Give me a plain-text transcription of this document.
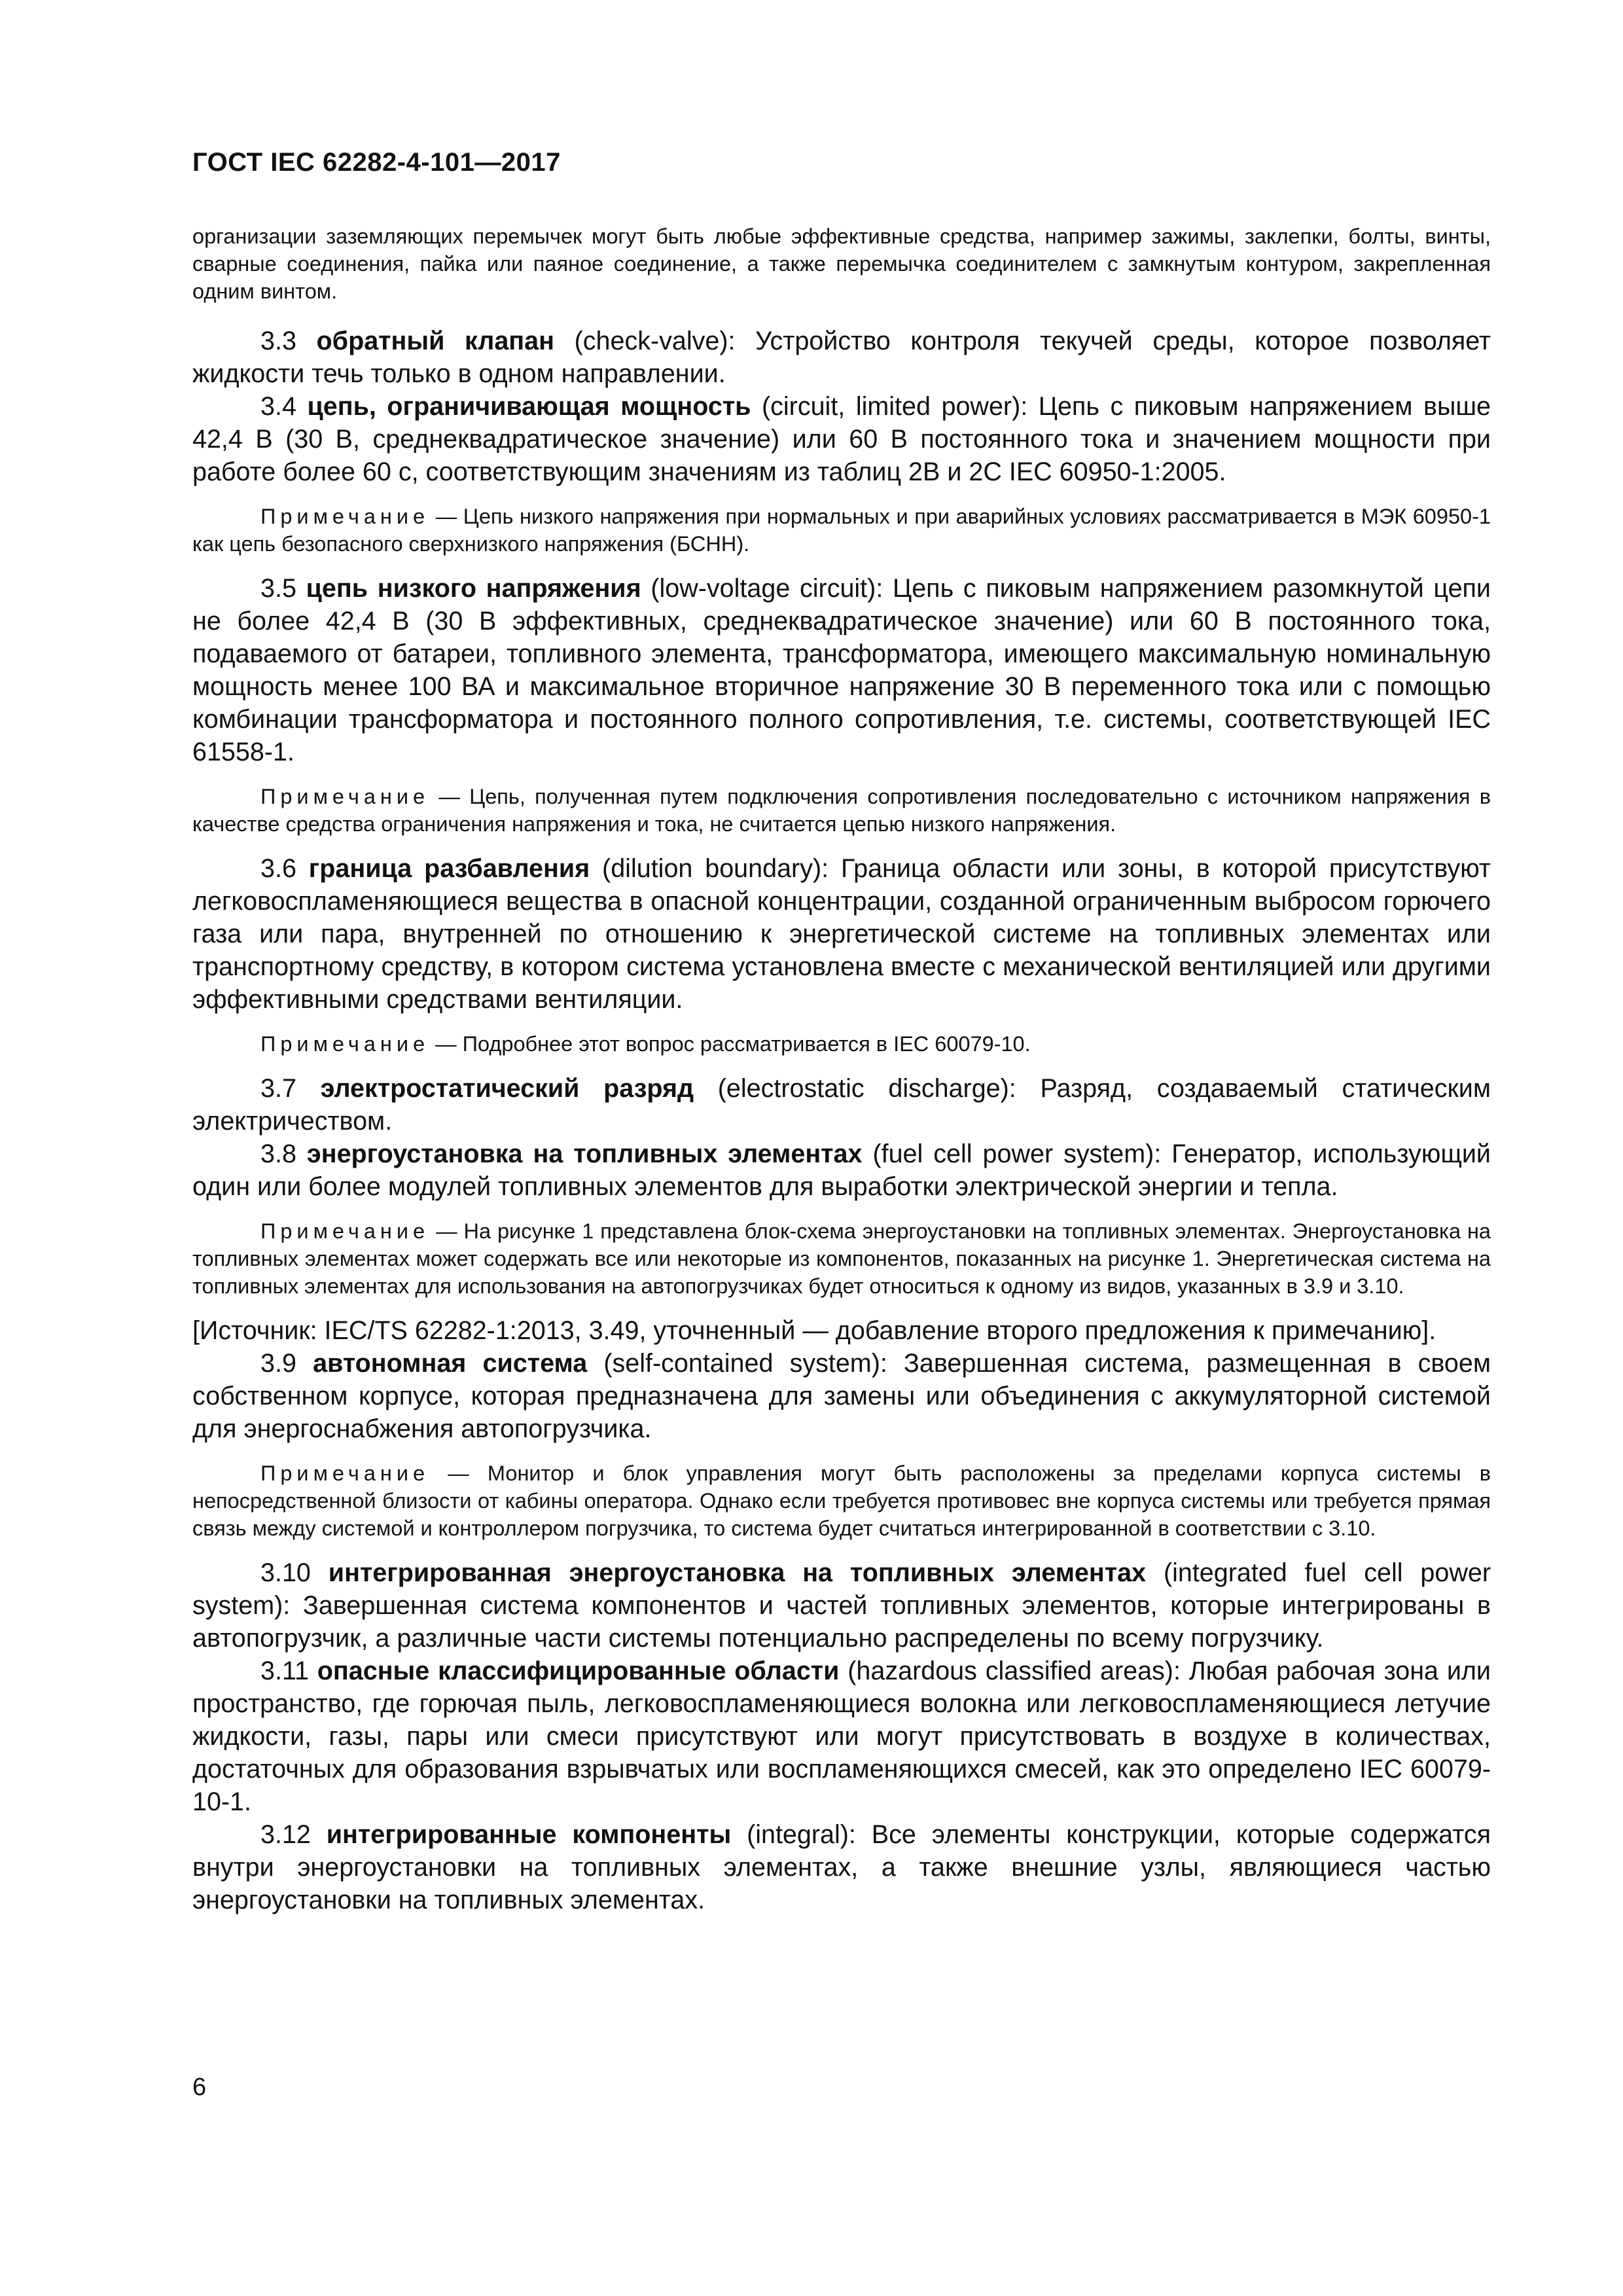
ГОСТ IEC 62282-4-101—2017

организации заземляющих перемычек могут быть любые эффективные средства, например зажимы, заклепки, болты, винты, сварные соединения, пайка или паяное соединение, а также перемычка соединителем с замкнутым контуром, закрепленная одним винтом.

3.3 обратный клапан (check-valve): Устройство контроля текучей среды, которое позволяет жидкости течь только в одном направлении.

3.4 цепь, ограничивающая мощность (circuit, limited power): Цепь с пиковым напряжением выше 42,4 В (30 В, среднеквадратическое значение) или 60 В постоянного тока и значением мощности при работе более 60 с, соответствующим значениям из таблиц 2B и 2C IEC 60950-1:2005.

Примечание — Цепь низкого напряжения при нормальных и при аварийных условиях рассматривается в МЭК 60950-1 как цепь безопасного сверхнизкого напряжения (БСНН).

3.5 цепь низкого напряжения (low-voltage circuit): Цепь с пиковым напряжением разомкнутой цепи не более 42,4 В (30 В эффективных, среднеквадратическое значение) или 60 В постоянного тока, подаваемого от батареи, топливного элемента, трансформатора, имеющего максимальную номинальную мощность менее 100 ВА и максимальное вторичное напряжение 30 В переменного тока или с помощью комбинации трансформатора и постоянного полного сопротивления, т.е. системы, соответствующей IEC 61558-1.

Примечание — Цепь, полученная путем подключения сопротивления последовательно с источником напряжения в качестве средства ограничения напряжения и тока, не считается цепью низкого напряжения.

3.6 граница разбавления (dilution boundary): Граница области или зоны, в которой присутствуют легковоспламеняющиеся вещества в опасной концентрации, созданной ограниченным выбросом горючего газа или пара, внутренней по отношению к энергетической системе на топливных элементах или транспортному средству, в котором система установлена вместе с механической вентиляцией или другими эффективными средствами вентиляции.

Примечание — Подробнее этот вопрос рассматривается в IEC 60079-10.

3.7 электростатический разряд (electrostatic discharge): Разряд, создаваемый статическим электричеством.

3.8 энергоустановка на топливных элементах (fuel cell power system): Генератор, использующий один или более модулей топливных элементов для выработки электрической энергии и тепла.

Примечание — На рисунке 1 представлена блок-схема энергоустановки на топливных элементах. Энергоустановка на топливных элементах может содержать все или некоторые из компонентов, показанных на рисунке 1. Энергетическая система на топливных элементах для использования на автопогрузчиках будет относиться к одному из видов, указанных в 3.9 и 3.10.

[Источник: IEC/TS 62282-1:2013, 3.49, уточненный — добавление второго предложения к примечанию].

3.9 автономная система (self-contained system): Завершенная система, размещенная в своем собственном корпусе, которая предназначена для замены или объединения с аккумуляторной системой для энергоснабжения автопогрузчика.

Примечание — Монитор и блок управления могут быть расположены за пределами корпуса системы в непосредственной близости от кабины оператора. Однако если требуется противовес вне корпуса системы или требуется прямая связь между системой и контроллером погрузчика, то система будет считаться интегрированной в соответствии с 3.10.

3.10 интегрированная энергоустановка на топливных элементах (integrated fuel cell power system): Завершенная система компонентов и частей топливных элементов, которые интегрированы в автопогрузчик, а различные части системы потенциально распределены по всему погрузчику.

3.11 опасные классифицированные области (hazardous classified areas): Любая рабочая зона или пространство, где горючая пыль, легковоспламеняющиеся волокна или легковоспламеняющиеся летучие жидкости, газы, пары или смеси присутствуют или могут присутствовать в воздухе в количествах, достаточных для образования взрывчатых или воспламеняющихся смесей, как это определено IEC 60079-10-1.

3.12 интегрированные компоненты (integral): Все элементы конструкции, которые содержатся внутри энергоустановки на топливных элементах, а также внешние узлы, являющиеся частью энергоустановки на топливных элементах.

6
